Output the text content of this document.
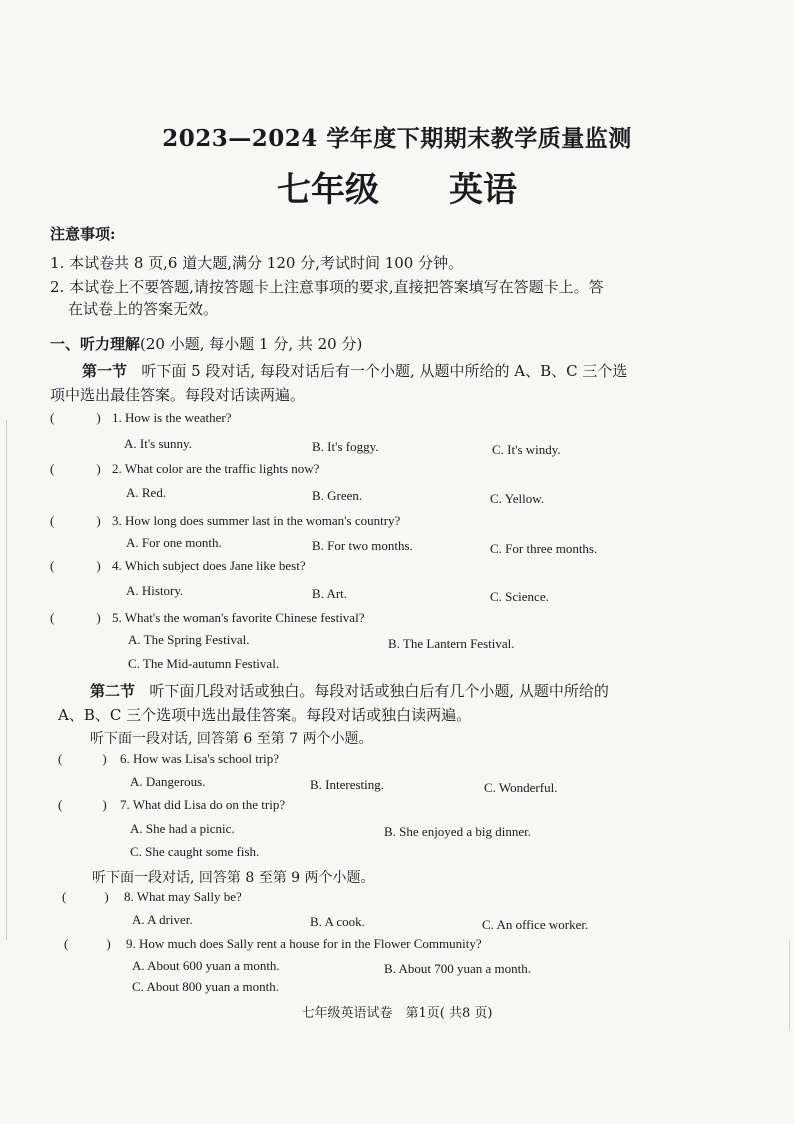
2023—2024 学年度下期期末教学质量监测
七年级 英语
注意事项:
1. 本试卷共 8 页,6 道大题,满分 120 分,考试时间 100 分钟。
2. 本试卷上不要答题,请按答题卡上注意事项的要求,直接把答案填写在答题卡上。答
在试卷上的答案无效。
一、听力理解(20 小题, 每小题 1 分, 共 20 分)
第一节 听下面 5 段对话, 每段对话后有一个小题, 从题中所给的 A、B、C 三个选
项中选出最佳答案。每段对话读两遍。
(	) 1. How is the weather?
A. It's sunny.	B. It's foggy.	C. It's windy.
(	) 2. What color are the traffic lights now?
A. Red.	B. Green.	C. Yellow.
(	) 3. How long does summer last in the woman's country?
A. For one month.	B. For two months.	C. For three months.
(	) 4. Which subject does Jane like best?
A. History.	B. Art.	C. Science.
(	) 5. What's the woman's favorite Chinese festival?
A. The Spring Festival.	B. The Lantern Festival.
C. The Mid-autumn Festival.
第二节 听下面几段对话或独白。每段对话或独白后有几个小题, 从题中所给的
A、B、C 三个选项中选出最佳答案。每段对话或独白读两遍。
听下面一段对话, 回答第 6 至第 7 两个小题。
(	) 6. How was Lisa's school trip?
A. Dangerous.	B. Interesting.	C. Wonderful.
(	) 7. What did Lisa do on the trip?
A. She had a picnic.	B. She enjoyed a big dinner.
C. She caught some fish.
听下面一段对话, 回答第 8 至第 9 两个小题。
(	) 8. What may Sally be?
A. A driver.	B. A cook.	C. An office worker.
(	) 9. How much does Sally rent a house for in the Flower Community?
A. About 600 yuan a month.	B. About 700 yuan a month.
C. About 800 yuan a month.
七年级英语试卷　第1页( 共8 页)
